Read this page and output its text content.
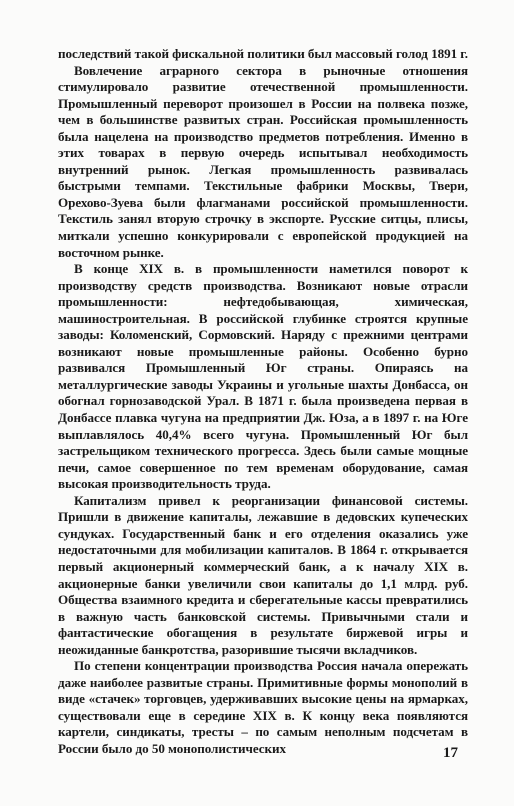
последствий такой фискальной политики был массовый голод 1891 г.

Вовлечение аграрного сектора в рыночные отношения стимулировало развитие отечественной промышленности. Промышленный переворот произошел в России на полвека позже, чем в большинстве развитых стран. Российская промышленность была нацелена на производство предметов потребления. Именно в этих товарах в первую очередь испытывал необходимость внутренний рынок. Легкая промышленность развивалась быстрыми темпами. Текстильные фабрики Москвы, Твери, Орехово-Зуева были флагманами российской промышленности. Текстиль занял вторую строчку в экспорте. Русские ситцы, плисы, миткали успешно конкурировали с европейской продукцией на восточном рынке.

В конце XIX в. в промышленности наметился поворот к производству средств производства. Возникают новые отрасли промышленности: нефтедобывающая, химическая, машиностроительная. В российской глубинке строятся крупные заводы: Коломенский, Сормовский. Наряду с прежними центрами возникают новые промышленные районы. Особенно бурно развивался Промышленный Юг страны. Опираясь на металлургические заводы Украины и угольные шахты Донбасса, он обогнал горнозаводской Урал. В 1871 г. была произведена первая в Донбассе плавка чугуна на предприятии Дж. Юза, а в 1897 г. на Юге выплавлялось 40,4% всего чугуна. Промышленный Юг был застрельщиком технического прогресса. Здесь были самые мощные печи, самое совершенное по тем временам оборудование, самая высокая производительность труда.

Капитализм привел к реорганизации финансовой системы. Пришли в движение капиталы, лежавшие в дедовских купеческих сундуках. Государственный банк и его отделения оказались уже недостаточными для мобилизации капиталов. В 1864 г. открывается первый акционерный коммерческий банк, а к началу XIX в. акционерные банки увеличили свои капиталы до 1,1 млрд. руб. Общества взаимного кредита и сберегательные кассы превратились в важную часть банковской системы. Привычными стали и фантастические обогащения в результате биржевой игры и неожиданные банкротства, разорившие тысячи вкладчиков.

По степени концентрации производства Россия начала опережать даже наиболее развитые страны. Примитивные формы монополий в виде «стачек» торговцев, удерживавших высокие цены на ярмарках, существовали еще в середине XIX в. К концу века появляются картели, синдикаты, тресты – по самым неполным подсчетам в России было до 50 монополистических	17
